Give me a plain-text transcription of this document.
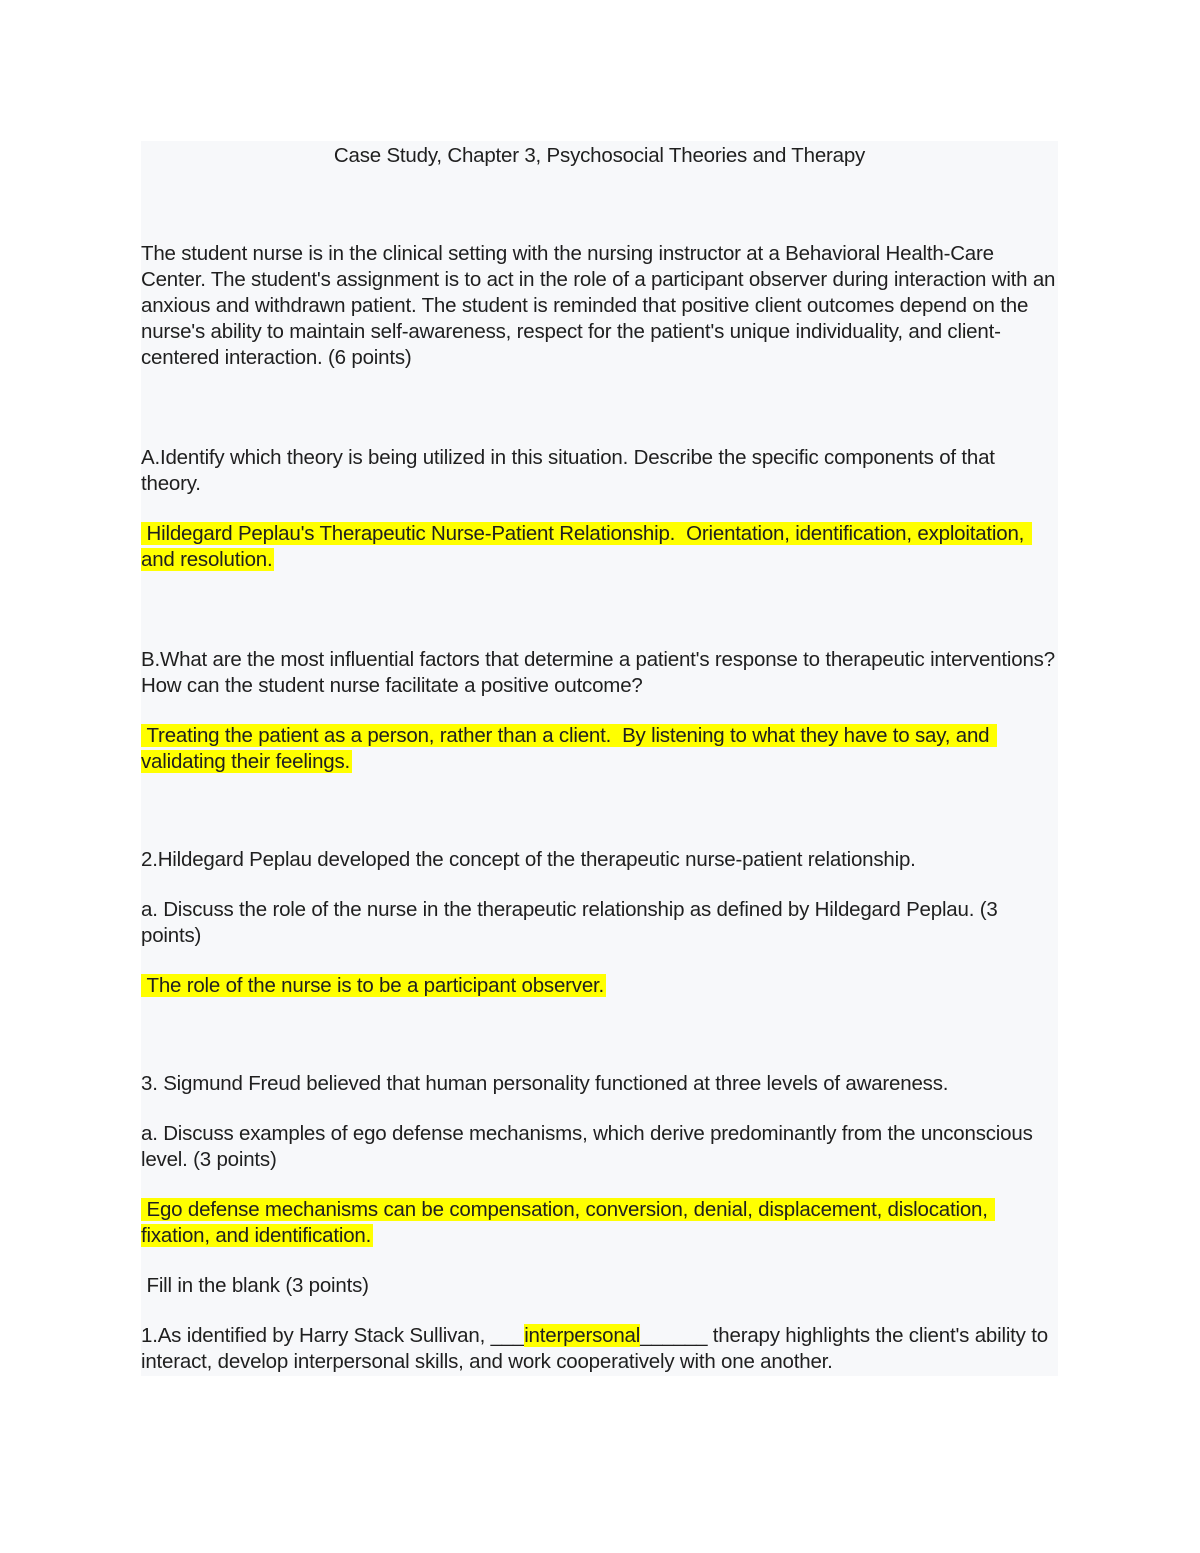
Case Study, Chapter 3, Psychosocial Theories and Therapy

The student nurse is in the clinical setting with the nursing instructor at a Behavioral Health-Care Center. The student's assignment is to act in the role of a participant observer during interaction with an anxious and withdrawn patient. The student is reminded that positive client outcomes depend on the nurse's ability to maintain self-awareness, respect for the patient's unique individuality, and client-centered interaction. (6 points)

A.Identify which theory is being utilized in this situation. Describe the specific components of that theory.

Hildegard Peplau's Therapeutic Nurse-Patient Relationship.  Orientation, identification, exploitation, and resolution.

B.What are the most influential factors that determine a patient's response to therapeutic interventions? How can the student nurse facilitate a positive outcome?

Treating the patient as a person, rather than a client.  By listening to what they have to say, and validating their feelings.

2.Hildegard Peplau developed the concept of the therapeutic nurse-patient relationship.

a. Discuss the role of the nurse in the therapeutic relationship as defined by Hildegard Peplau. (3 points)

The role of the nurse is to be a participant observer.

3. Sigmund Freud believed that human personality functioned at three levels of awareness.

a. Discuss examples of ego defense mechanisms, which derive predominantly from the unconscious level. (3 points)

Ego defense mechanisms can be compensation, conversion, denial, displacement, dislocation, fixation, and identification.

Fill in the blank (3 points)

1.As identified by Harry Stack Sullivan, ___interpersonal______ therapy highlights the client's ability to interact, develop interpersonal skills, and work cooperatively with one another.
